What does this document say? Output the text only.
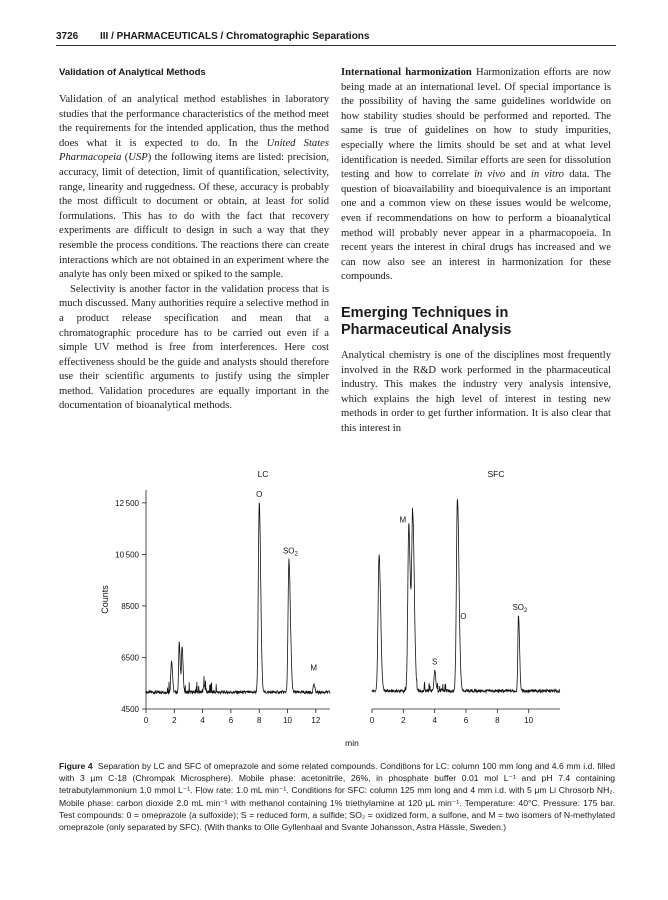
3726 III / PHARMACEUTICALS / Chromatographic Separations
Validation of Analytical Methods

Validation of an analytical method establishes in laboratory studies that the performance characteristics of the method meet the requirements for the intended application, thus the method does what it is expected to do. In the United States Pharmacopeia (USP) the following items are listed: precision, accuracy, limit of detection, limit of quantification, selectivity, range, linearity and ruggedness. Of these, accuracy is probably the most difficult to document or obtain, at least for solid formulations. This has to do with the fact that recovery experiments are difficult to design in such a way that they resemble the process conditions. The reactions there can create interactions which are not obtained in an experiment where the analyte has only been mixed or spiked to the sample.

Selectivity is another factor in the validation process that is much discussed. Many authorities require a selective method in a product release specification and mean that a chromatographic procedure has to be carried out even if a simple UV method is free from interferences. Here cost effectiveness should be the guide and analysts should therefore use their scientific arguments to justify using the simpler method. Validation procedures are equally important in the documentation of bioanalytical methods.

International harmonization Harmonization efforts are now being made at an international level. Of special importance is the possibility of having the same guidelines worldwide on how stability studies should be performed and reported. The same is true of guidelines on how to study impurities, especially where the limits should be set and at what level identification is needed. Similar efforts are seen for dissolution testing and how to correlate in vivo and in vitro data. The question of bioavailability and bioequivalence is an important one and a common view on these issues would be welcome, even if recommendations on how to perform a bioanalytical method will probably never appear in a pharmacopoeia. In recent years the interest in chiral drugs has increased and we can now also see an interest in harmonization for these compounds.

Emerging Techniques in Pharmaceutical Analysis

Analytical chemistry is one of the disciplines most frequently involved in the R&D work performed in the pharmaceutical industry. This makes the industry very analysis intensive, which explains the high level of interest in testing new methods in order to get further information. It is also clear that this interest in

4500
6500
8500
10 500
12 500
Counts
0	2	4	6	8	10 12
LC
O
$SO_2$
M
0	2	4	6	8	10
SFC
M
S
O
$SO_2$
min
Figure 4 Separation by LC and SFC of omeprazole and some related compounds. Conditions for LC: column 100 mm long and 4.6 mm i.d. filled with 3 μm C-18 (Chrompak Microsphere). Mobile phase: acetonitrile, 26%, in phosphate buffer 0.01 mol L⁻¹ and pH 7.4 containing tetrabutylammonium 1.0 mmol L⁻¹. Flow rate: 1.0 mL min⁻¹. Conditions for SFC: column 125 mm long and 4 mm i.d. with 5 μm Li Chrosorb NH₂. Mobile phase: carbon dioxide 2.0 mL min⁻¹ with methanol containing 1% triethylamine at 120 μL min⁻¹. Temperature: 40°C. Pressure: 175 bar. Test compounds: 0 = omeprazole (a sulfoxide); S = reduced form, a sulfide; SO₂ = oxidized form, a sulfone, and M = two isomers of N-methylated omeprazole (only separated by SFC). (With thanks to Olle Gyllenhaal and Svante Johansson, Astra Hässle, Sweden.)
